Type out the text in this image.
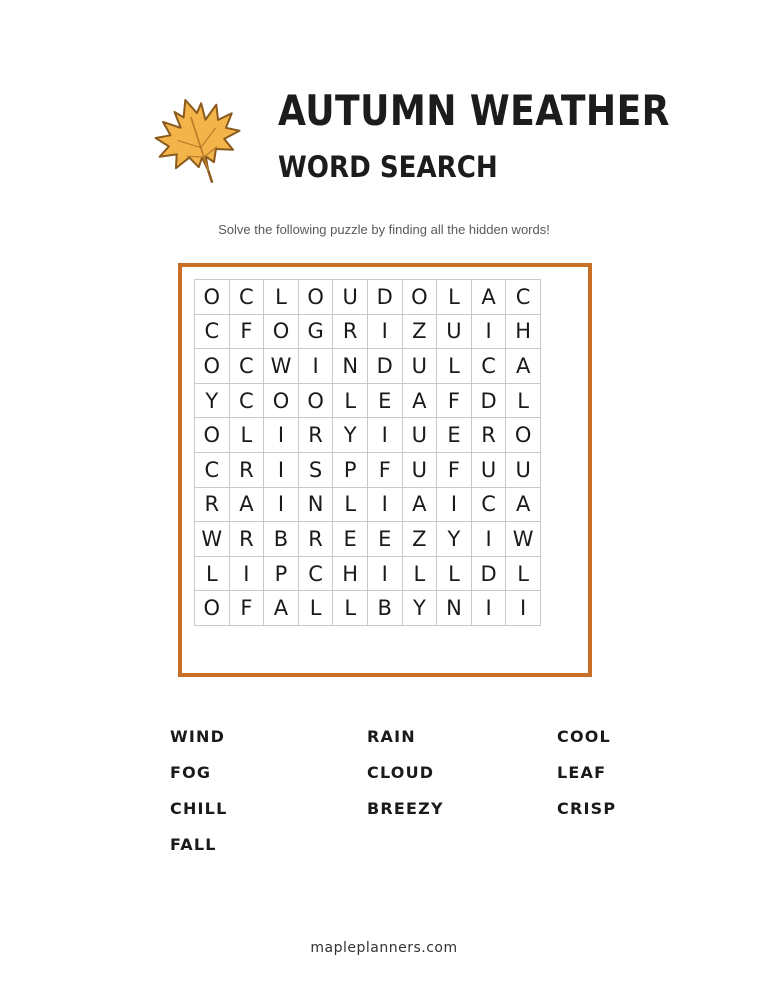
AUTUMN WEATHER
WORD SEARCH
Solve the following puzzle by finding all the hidden words!
O C	L O U D O L	A C
C	F O G R	I	Z U	I	H
O C W	I	N D U	L	C A
Y C O O L	E A	F D L
O L	I	R Y	I	U E R O
C R	I	S	P	F U F U U
R A	I	N L	I	A	I	C A
W R B R E	E Z Y	I	W
L	I	P C H	I	L	L D L
O F	A	L	L	B Y N	I	I
WIND	RAIN	COOL
FOG	CLOUD	LEAF
CHILL	BREEZY	CRISP
FALL
mapleplanners.com
